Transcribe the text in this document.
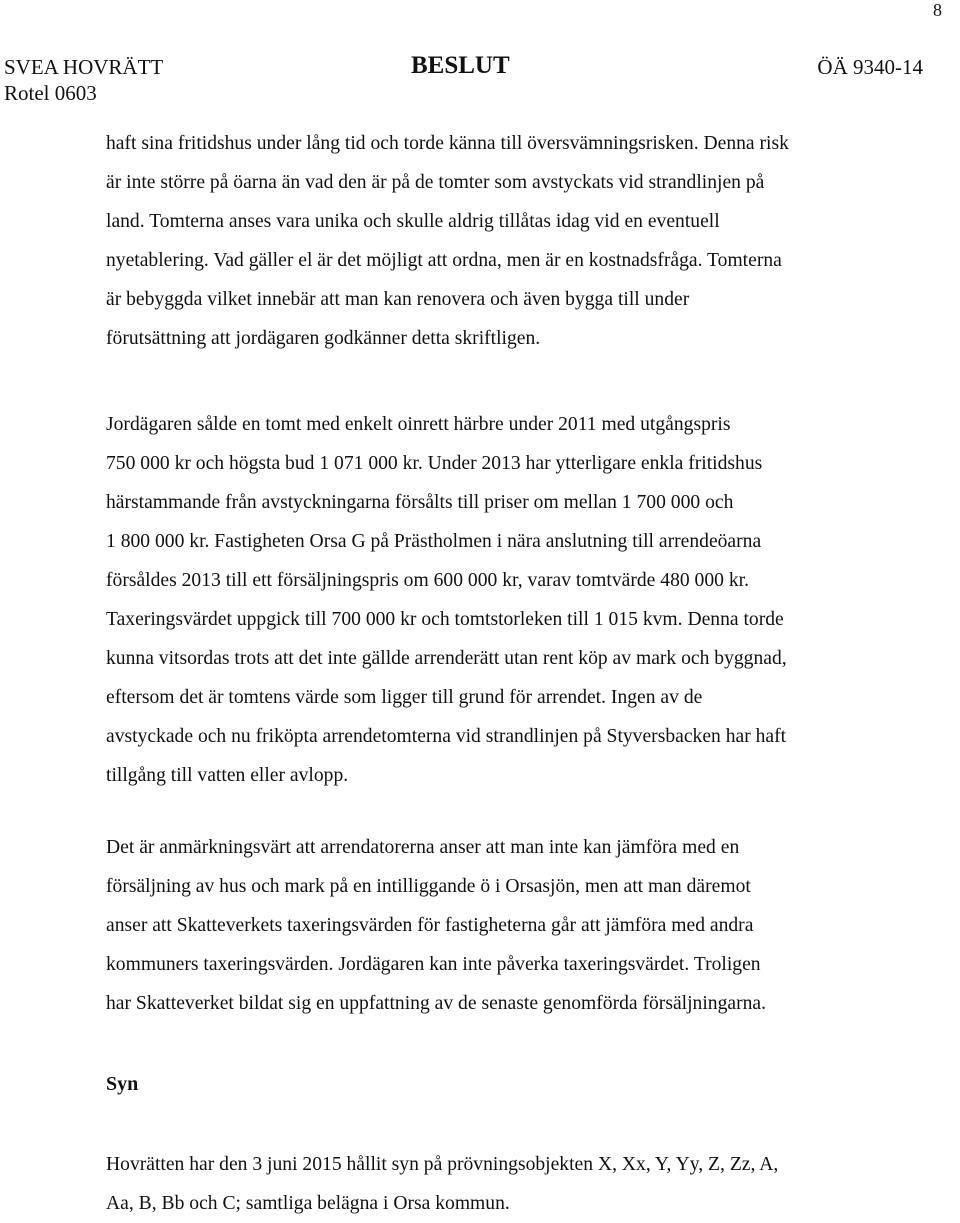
8
SVEA HOVRÄTT
Rotel 0603
BESLUT	ÖÄ 9340-14

haft sina fritidshus under lång tid och torde känna till översvämningsrisken. Denna risk
är inte större på öarna än vad den är på de tomter som avstyckats vid strandlinjen på
land. Tomterna anses vara unika och skulle aldrig tillåtas idag vid en eventuell
nyetablering. Vad gäller el är det möjligt att ordna, men är en kostnadsfråga. Tomterna
är bebyggda vilket innebär att man kan renovera och även bygga till under
förutsättning att jordägaren godkänner detta skriftligen.

Jordägaren sålde en tomt med enkelt oinrett härbre under 2011 med utgångspris
750 000 kr och högsta bud 1 071 000 kr. Under 2013 har ytterligare enkla fritidshus
härstammande från avstyckningarna försålts till priser om mellan 1 700 000 och
1 800 000 kr. Fastigheten Orsa G på Prästholmen i nära anslutning till arrendeöarna
försåldes 2013 till ett försäljningspris om 600 000 kr, varav tomtvärde 480 000 kr.
Taxeringsvärdet uppgick till 700 000 kr och tomtstorleken till 1 015 kvm. Denna torde
kunna vitsordas trots att det inte gällde arrenderätt utan rent köp av mark och byggnad,
eftersom det är tomtens värde som ligger till grund för arrendet. Ingen av de
avstyckade och nu friköpta arrendetomterna vid strandlinjen på Styversbacken har haft
tillgång till vatten eller avlopp.

Det är anmärkningsvärt att arrendatorerna anser att man inte kan jämföra med en
försäljning av hus och mark på en intilliggande ö i Orsasjön, men att man däremot
anser att Skatteverkets taxeringsvärden för fastigheterna går att jämföra med andra
kommuners taxeringsvärden. Jordägaren kan inte påverka taxeringsvärdet. Troligen
har Skatteverket bildat sig en uppfattning av de senaste genomförda försäljningarna.

Syn

Hovrätten har den 3 juni 2015 hållit syn på prövningsobjekten X, Xx, Y, Yy, Z, Zz, A,
Aa, B, Bb och C; samtliga belägna i Orsa kommun.
